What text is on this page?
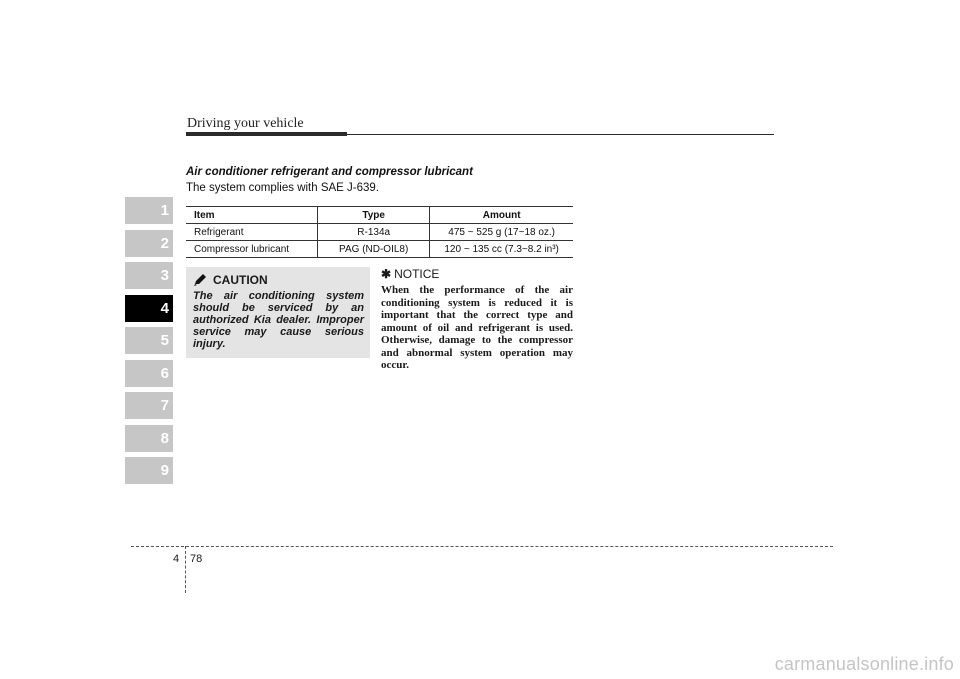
Driving your vehicle
1
2
3
4
5
6
7
8
9
Air conditioner refrigerant and compressor lubricant
The system complies with SAE J-639.
Item	Type	Amount
Refrigerant	R-134a	475 ~ 525 g (17~18 oz.)
Compressor lubricant	PAG (ND-OIL8)	120 ~ 135 cc (7.3~8.2 in³)
CAUTION
The air conditioning system should be serviced by an authorized Kia dealer. Improper service may cause serious injury.
✱ NOTICE
When the performance of the air conditioning system is reduced it is important that the correct type and amount of oil and refrigerant is used. Otherwise, damage to the compressor and abnormal system operation may occur.
4 78
carmanualsonline.info
